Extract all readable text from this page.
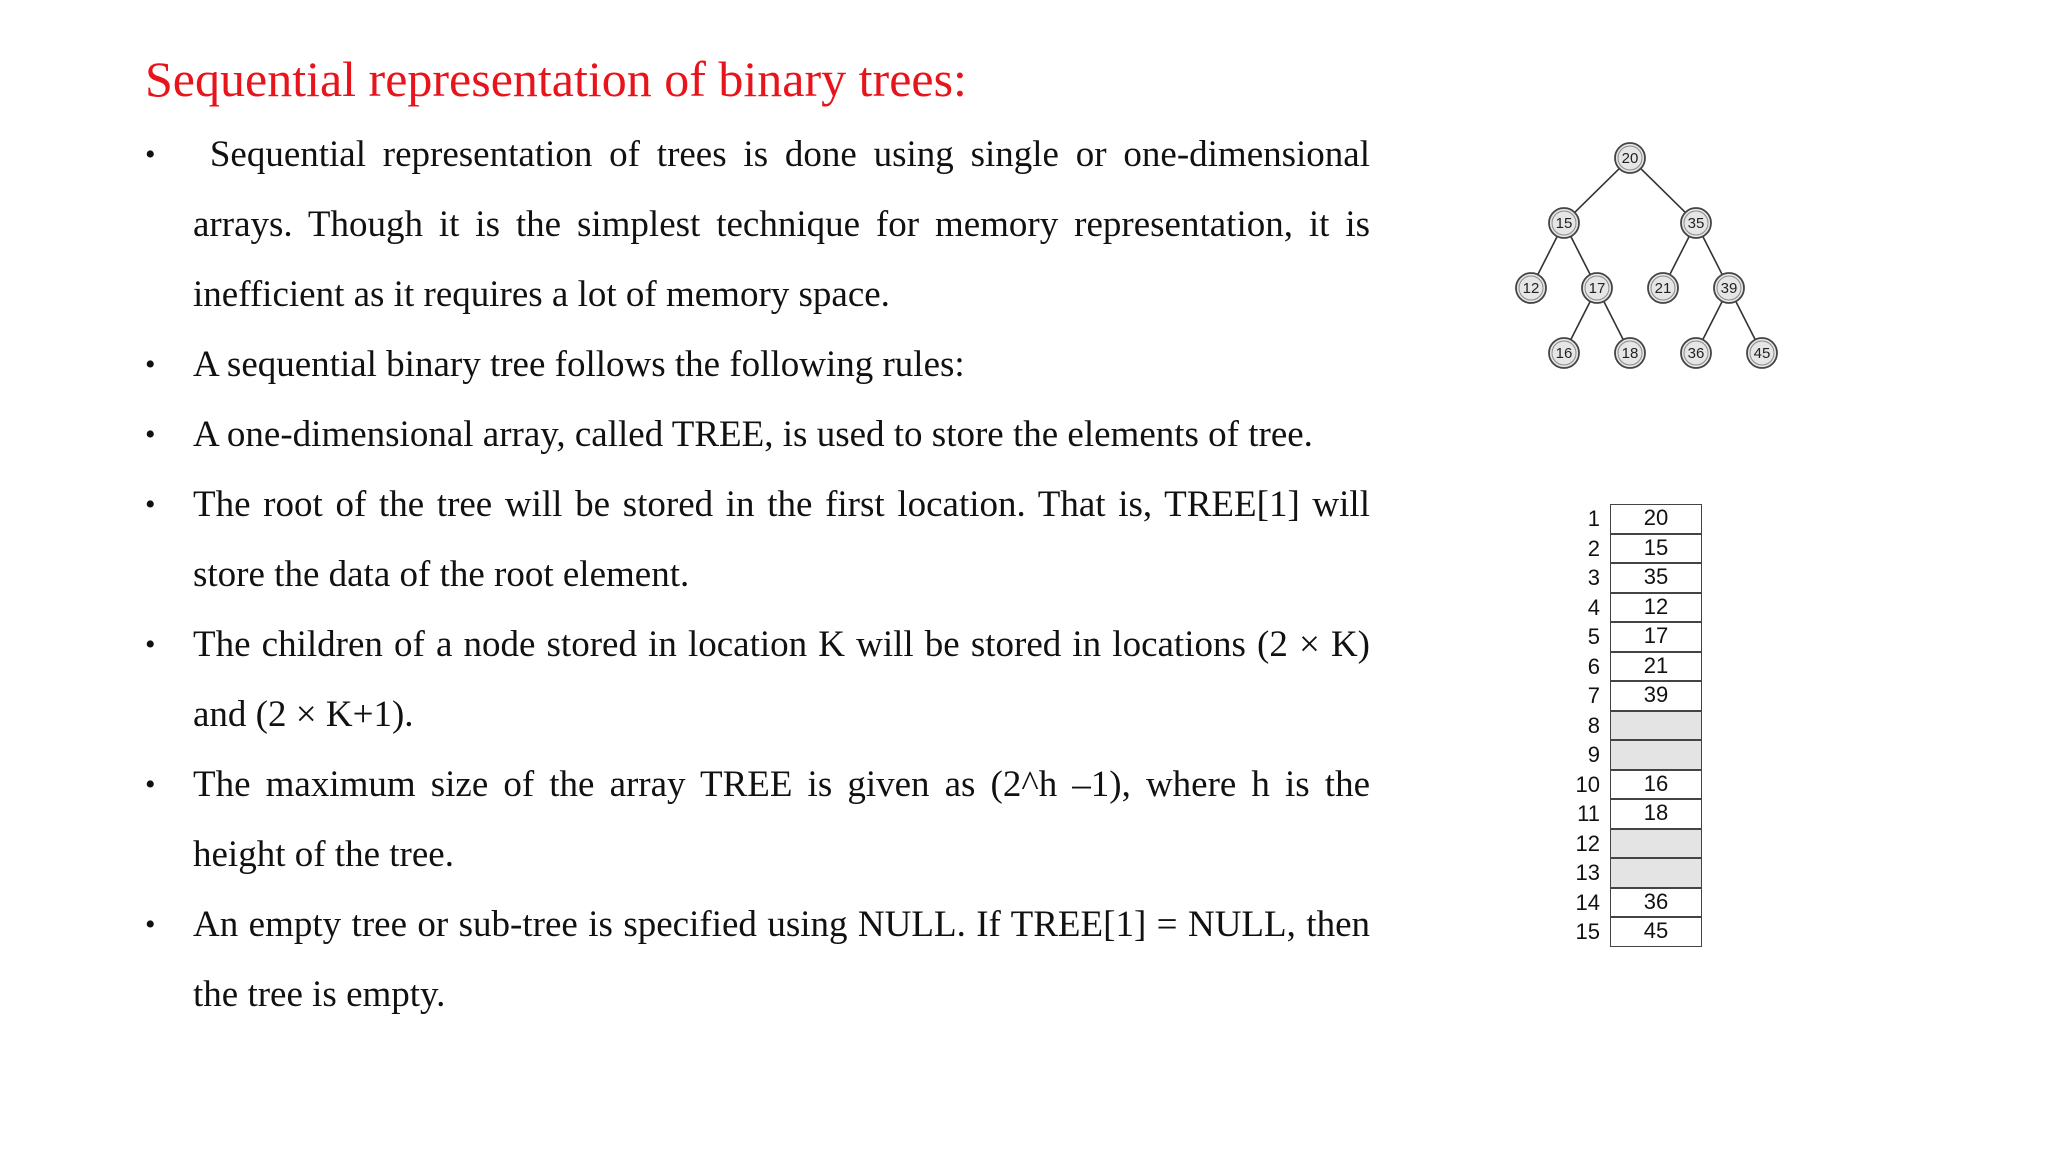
Sequential representation of binary trees:
• Sequential representation of trees is done using single or one-dimensional arrays. Though it is the simplest technique for memory representation, it is inefficient as it requires a lot of memory space.
• A sequential binary tree follows the following rules:
• A one-dimensional array, called TREE, is used to store the elements of tree.
• The root of the tree will be stored in the first location. That is, TREE[1] will store the data of the root element.
• The children of a node stored in location K will be stored in locations (2 × K) and (2 × K+1).
• The maximum size of the array TREE is given as (2^h –1), where h is the height of the tree.
• An empty tree or sub-tree is specified using NULL. If TREE[1] = NULL, then the tree is empty.
20
15	35
12	17	21	39
16	18	36	45
1	20
2	15
3	35
4	12
5	17
6	21
7	39
8
9
10	16
11	18
12
13
14	36
15	45
